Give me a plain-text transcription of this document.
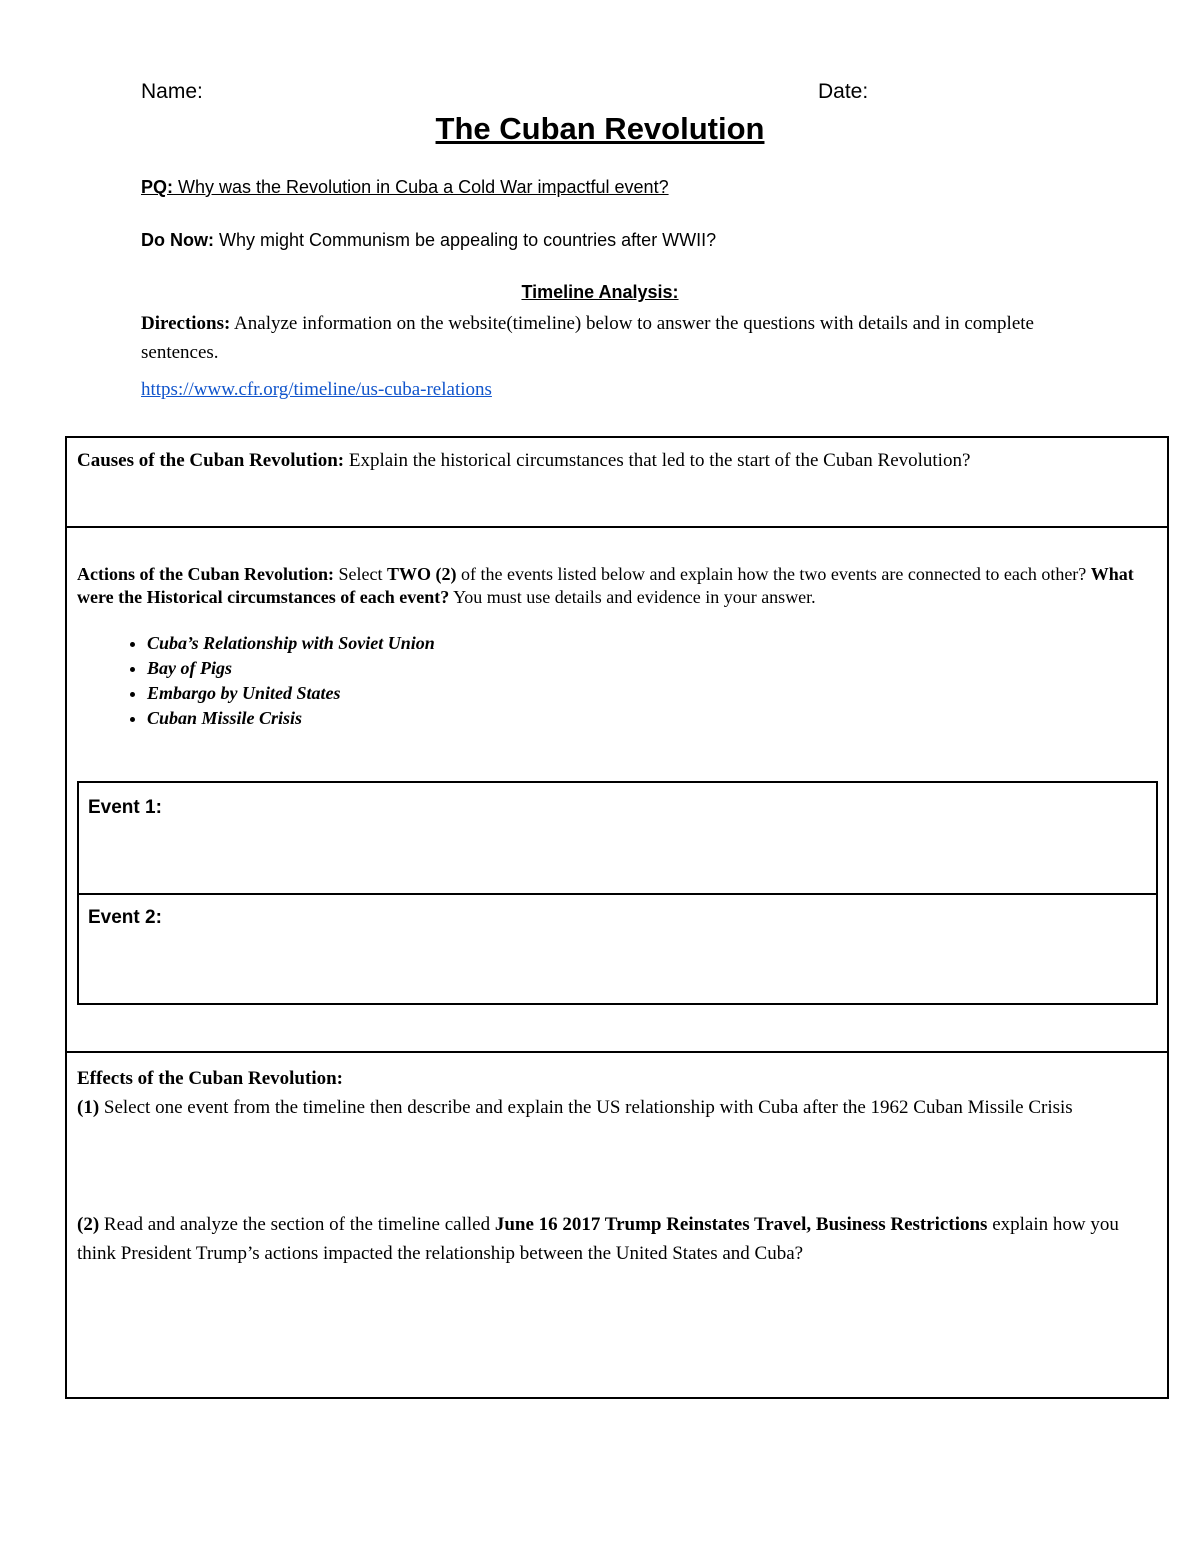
Name:	Date:
The Cuban Revolution
PQ: Why was the Revolution in Cuba a Cold War impactful event?
Do Now: Why might Communism be appealing to countries after WWII?
Timeline Analysis:
Directions: Analyze information on the website(timeline) below to answer the questions with details and in complete sentences.
https://www.cfr.org/timeline/us-cuba-relations
Causes of the Cuban Revolution: Explain the historical circumstances that led to the start of the Cuban Revolution?
Actions of the Cuban Revolution: Select TWO (2) of the events listed below and explain how the two events are connected to each other? What were the Historical circumstances of each event? You must use details and evidence in your answer.
• Cuba’s Relationship with Soviet Union
• Bay of Pigs
• Embargo by United States
• Cuban Missile Crisis
Event 1:
Event 2:
Effects of the Cuban Revolution:
(1) Select one event from the timeline then describe and explain the US relationship with Cuba after the 1962 Cuban Missile Crisis
(2) Read and analyze the section of the timeline called June 16 2017 Trump Reinstates Travel, Business Restrictions explain how you think President Trump’s actions impacted the relationship between the United States and Cuba?
